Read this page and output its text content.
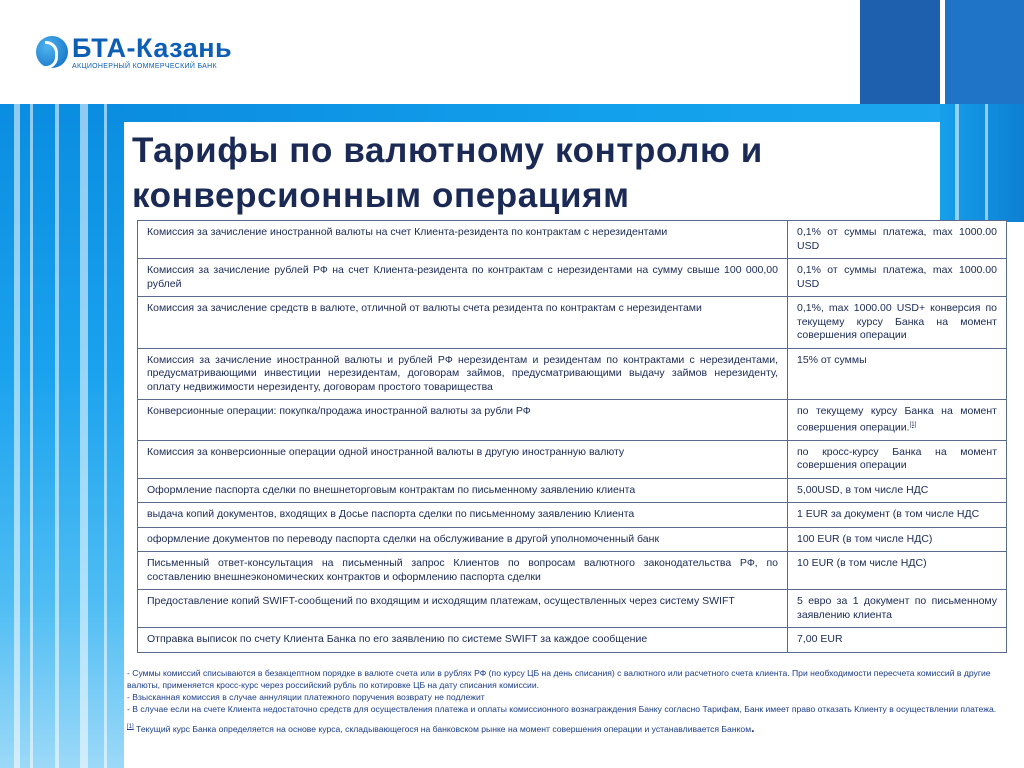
БТА-Казань
АКЦИОНЕРНЫЙ КОММЕРЧЕСКИЙ БАНК
Тарифы по валютному контролю и конверсионным операциям
Комиссия за зачисление иностранной валюты на счет Клиента-резидента по контрактам с нерезидентами	0,1% от суммы платежа, max 1000.00 USD
Комиссия за зачисление рублей РФ на счет Клиента-резидента по контрактам с нерезидентами на сумму свыше 100 000,00 рублей	0,1% от суммы платежа, max 1000.00 USD
Комиссия за зачисление средств в валюте, отличной от валюты счета резидента по контрактам с нерезидентами	0,1%, max 1000.00 USD+ конверсия по текущему курсу Банка на момент совершения операции
Комиссия за зачисление иностранной валюты и рублей РФ нерезидентам и резидентам по контрактами с нерезидентами, предусматривающими инвестиции нерезидентам, договорам займов, предусматривающими выдачу займов нерезиденту, оплату недвижимости нерезиденту, договорам простого товарищества	15% от суммы
Конверсионные операции: покупка/продажа иностранной валюты за рубли РФ	по текущему курсу Банка на момент совершения операции.[1]
Комиссия за конверсионные операции одной иностранной валюты в другую иностранную валюту	по кросс-курсу Банка на момент совершения операции
Оформление паспорта сделки по внешнеторговым контрактам по письменному заявлению клиента	5,00USD, в том числе НДС
выдача копий документов, входящих в Досье паспорта сделки по письменному заявлению Клиента	1 EUR за документ (в том числе НДС
оформление документов по переводу паспорта сделки на обслуживание в другой уполномоченный банк	100 EUR (в том числе НДС)
Письменный ответ-консультация на письменный запрос Клиентов по вопросам валютного законодательства РФ, по составлению внешнеэкономических контрактов и оформлению паспорта сделки	10 EUR (в том числе НДС)
Предоставление копий SWIFT-сообщений по входящим и исходящим платежам, осуществленных через систему SWIFT	5 евро за 1 документ по письменному заявлению клиента
Отправка выписок по счету Клиента Банка по его заявлению по системе SWIFT за каждое сообщение	7,00 EUR

- Суммы комиссий списываются в безакцептном порядке в валюте счета или в рублях РФ (по курсу ЦБ на день списания) с валютного или расчетного счета клиента. При необходимости пересчета комиссий в другие валюты, применяется кросс-курс через российский рубль по котировке ЦБ на дату списания комиссии.

- Взысканная комиссия в случае аннуляции платежного поручения возврату не подлежит

- В случае если на счете Клиента недостаточно средств для осуществления платежа и оплаты комиссионного вознаграждения Банку согласно Тарифам, Банк имеет право отказать Клиенту в осуществлении платежа.

[1] Текущий курс Банка определяется на основе курса, складывающегося на банковском рынке на момент совершения операции и устанавливается Банком.
